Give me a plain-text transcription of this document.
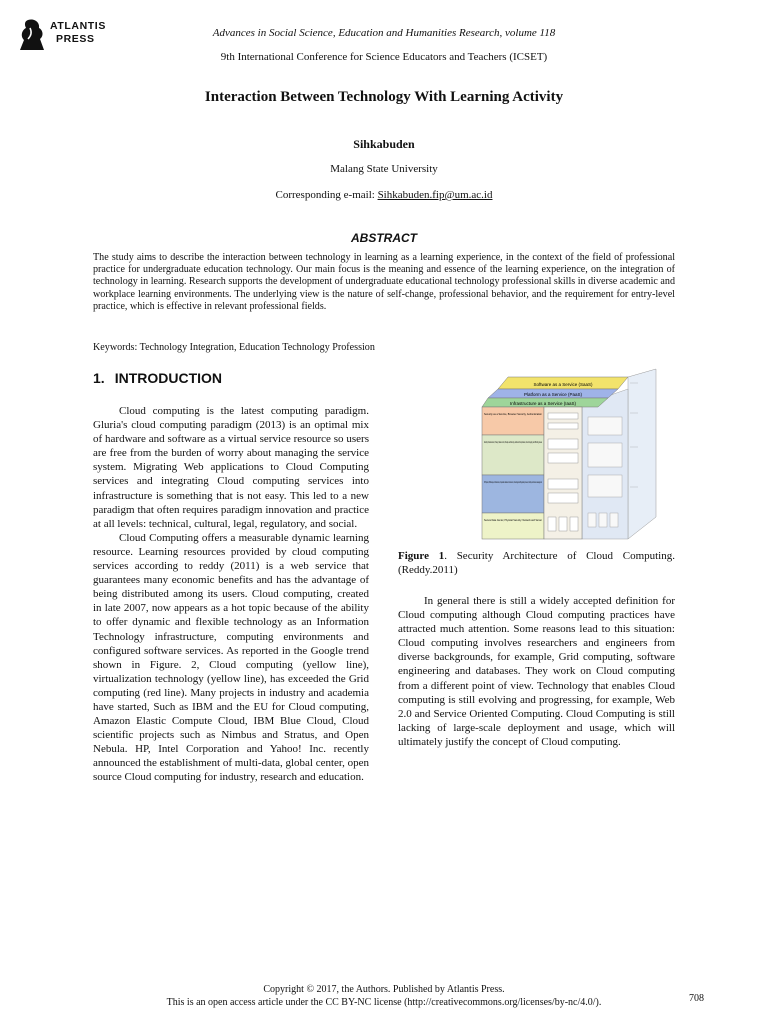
ATLANTIS
PRESS	Advances in Social Science, Education and Humanities Research, volume 118
9th International Conference for Science Educators and Teachers (ICSET)
Interaction Between Technology With Learning Activity
Sihkabuden
Malang State University
Corresponding e-mail: Sihkabuden.fip@um.ac.id
ABSTRACT
The study aims to describe the interaction between technology in learning as a learning experience, in the context of the field of professional practice for undergraduate education technology. Our main focus is the meaning and essence of the learning experience, on the integration of technology in learning. Research supports the development of undergraduate educational technology professional skills in diverse academic and workplace learning environments. The underlying view is the nature of self-change, professional behavior, and the requirement for entry-level practice, which is effective in relevant professional fields.
Keywords: Technology Integration, Education Technology Profession
1. INTRODUCTION

Cloud computing is the latest computing paradigm. Gluria's cloud computing paradigm (2013) is an optimal mix of hardware and software as a virtual service resource so users are free from the burden of worry about managing the service system. Migrating Web applications to Cloud Computing services and integrating Cloud computing services into infrastructure is something that is not easy. This led to a new paradigm that often requires paradigm innovation and practice at all levels: technical, cultural, legal, regulatory, and social.

Cloud Computing offers a measurable dynamic learning resource. Learning resources provided by cloud computing services according to reddy (2011) is a web service that guarantees many economic benefits and has the advantage of being distributed among its users. Cloud computing, created in late 2007, now appears as a hot topic because of the ability to offer dynamic and flexible technology as an Information Technology infrastructure, computing environments and configured software services. As reported in the Google trend shown in Figure. 2, Cloud computing (yellow line), virtualization technology (yellow line), has exceeded the Grid computing (red line). Many projects in industry and academia have started, Such as IBM and the EU for Cloud computing, Amazon Elastic Compute Cloud, IBM Blue Cloud, Cloud scientific projects such as Nimbus and Stratus, and Open Nebula. HP, Intel Corporation and Yahoo! Inc. recently announced the establishment of multi-data, global center, open source Cloud computing for industry, research and education.

Software as a Service (SaaS)
Platform as a Service (PaaS)
Infrastructure as a Service (IaaS)
Security as a Service, Browser Security, Authentication
Secure Data Center, Physical Security: Network and Server
Figure 1. Security Architecture of Cloud Computing. (Reddy.2011)

In general there is still a widely accepted definition for Cloud computing although Cloud computing practices have attracted much attention. Some reasons lead to this situation: Cloud computing involves researchers and engineers from diverse backgrounds, for example, Grid computing, software engineering and databases. They work on Cloud computing from a different point of view. Technology that enables Cloud computing is still evolving and progressing, for example, Web 2.0 and Service Oriented Computing. Cloud Computing is still lacking of large-scale deployment and usage, which will ultimately justify the concept of Cloud computing.

Copyright © 2017, the Authors. Published by Atlantis Press.
This is an open access article under the CC BY-NC license (http://creativecommons.org/licenses/by-nc/4.0/).	708
